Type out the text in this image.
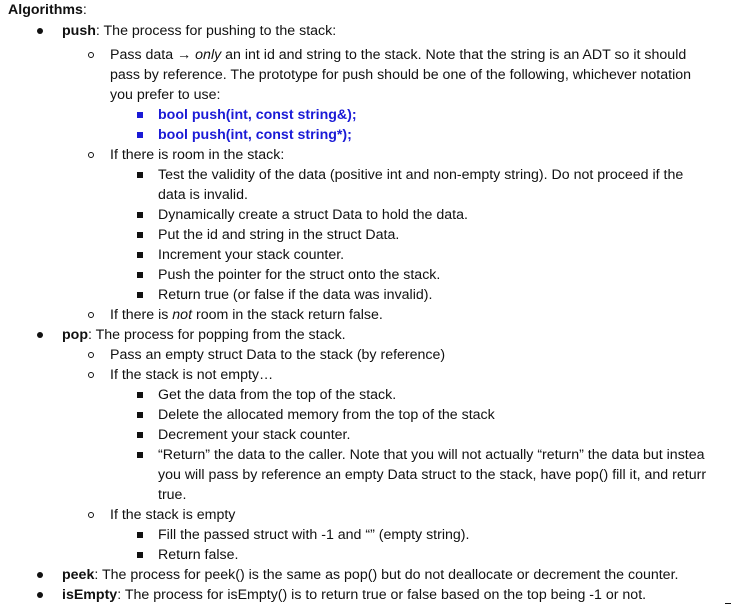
Algorithms:
push: The process for pushing to the stack:
Pass data → only an int id and string to the stack. Note that the string is an ADT so it should
pass by reference. The prototype for push should be one of the following, whichever notation
you prefer to use:
bool push(int, const string&);
bool push(int, const string*);
If there is room in the stack:
Test the validity of the data (positive int and non-empty string). Do not proceed if the
data is invalid.
Dynamically create a struct Data to hold the data.
Put the id and string in the struct Data.
Increment your stack counter.
Push the pointer for the struct onto the stack.
Return true (or false if the data was invalid).
If there is not room in the stack return false.
pop: The process for popping from the stack.
Pass an empty struct Data to the stack (by reference)
If the stack is not empty…
Get the data from the top of the stack.
Delete the allocated memory from the top of the stack
Decrement your stack counter.
“Return” the data to the caller. Note that you will not actually “return” the data but instea
you will pass by reference an empty Data struct to the stack, have pop() fill it, and returr
true.
If the stack is empty
Fill the passed struct with -1 and “” (empty string).
Return false.
peek: The process for peek() is the same as pop() but do not deallocate or decrement the counter.
isEmpty: The process for isEmpty() is to return true or false based on the top being -1 or not.
